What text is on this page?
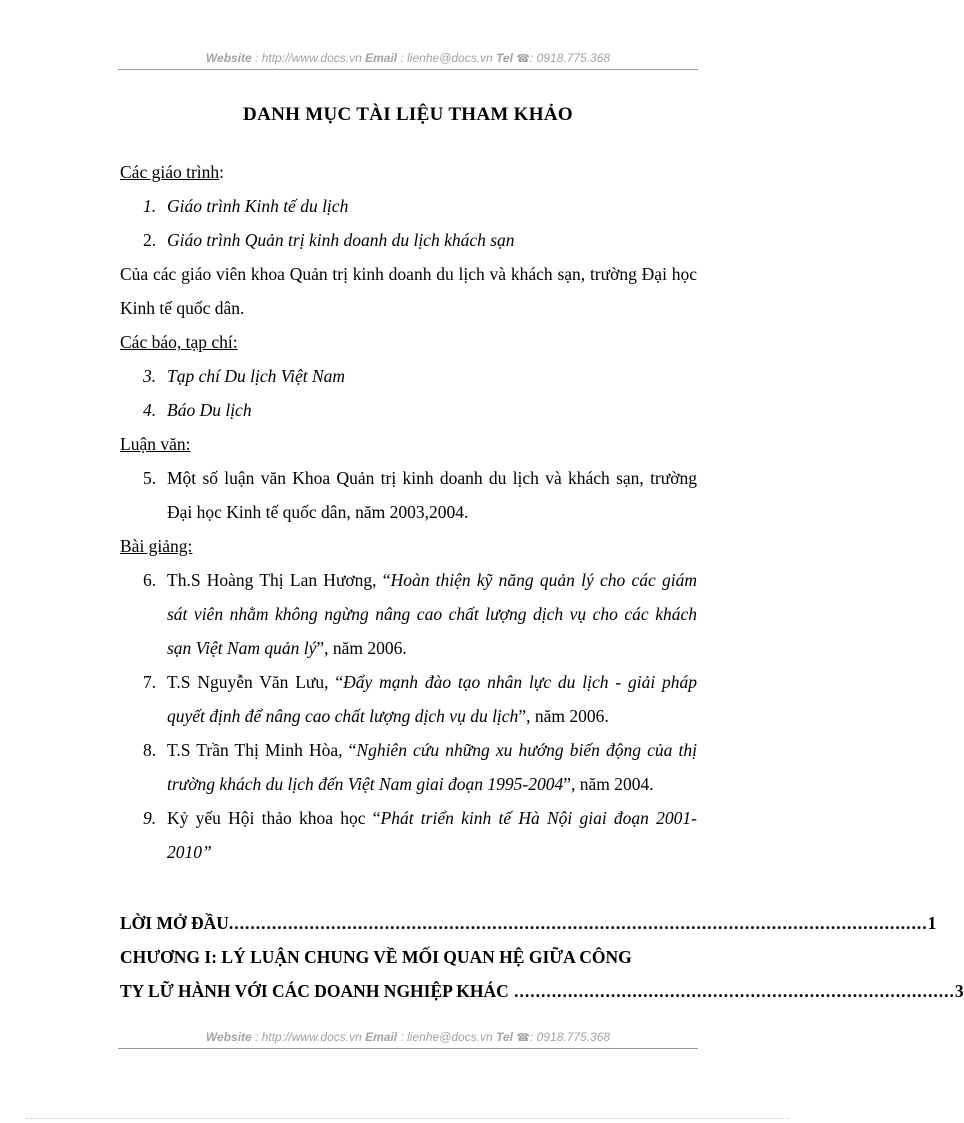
Website : http://www.docs.vn Email : lienhe@docs.vn Tel ☎: 0918.775.368
DANH MỤC TÀI LIỆU THAM KHẢO

Các giáo trình:

1. Giáo trình Kinh tế du lịch
2. Giáo trình Quản trị kinh doanh du lịch khách sạn

Của các giáo viên khoa Quản trị kinh doanh du lịch và khách sạn, trường Đại học Kinh tế quốc dân.

Các báo, tạp chí:

3. Tạp chí Du lịch Việt Nam
4. Báo Du lịch

Luận văn:

5. Một số luận văn Khoa Quản trị kinh doanh du lịch và khách sạn, trường Đại học Kinh tế quốc dân, năm 2003,2004.

Bài giảng:

6. Th.S Hoàng Thị Lan Hương, “Hoàn thiện kỹ năng quản lý cho các giám sát viên nhằm không ngừng nâng cao chất lượng dịch vụ cho các khách sạn Việt Nam quản lý”, năm 2006.
7. T.S Nguyễn Văn Lưu, “Đẩy mạnh đào tạo nhân lực du lịch - giải pháp quyết định để nâng cao chất lượng dịch vụ du lịch”, năm 2006.
8. T.S Trần Thị Minh Hòa, “Nghiên cứu những xu hướng biến động của thị trường khách du lịch đến Việt Nam giai đoạn 1995-2004”, năm 2004.
9. Kỷ yếu Hội thảo khoa học “Phát triển kinh tế Hà Nội giai đoạn 2001-2010”
LỜI MỞ ĐẦU .................................................................................................................................. 1
CHƯƠNG I: LÝ LUẬN CHUNG VỀ MỐI QUAN HỆ GIỮA CÔNG
TY LỮ HÀNH VỚI CÁC DOANH NGHIỆP KHÁC .................................................................................. 3
Website : http://www.docs.vn Email : lienhe@docs.vn Tel ☎: 0918.775.368
